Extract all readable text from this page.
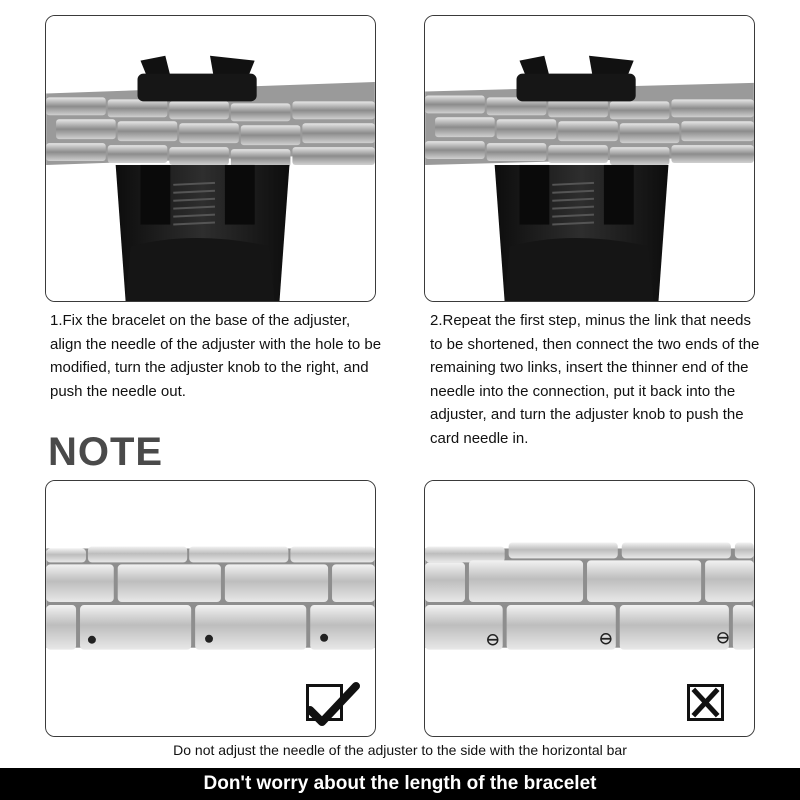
1.Fix the bracelet on the base of the adjuster, align the needle of the adjuster with the hole to be modified, turn the adjuster knob to the right, and push the needle out.

2.Repeat the first step, minus the link that needs to be shortened, then connect the two ends of the remaining two links, insert the thinner end of the needle into the connection, put it back into the adjuster, and turn the adjuster knob to push the card needle in.

NOTE

Do not adjust the needle of the adjuster to the side with the horizontal bar

Don't worry about the length of the bracelet
